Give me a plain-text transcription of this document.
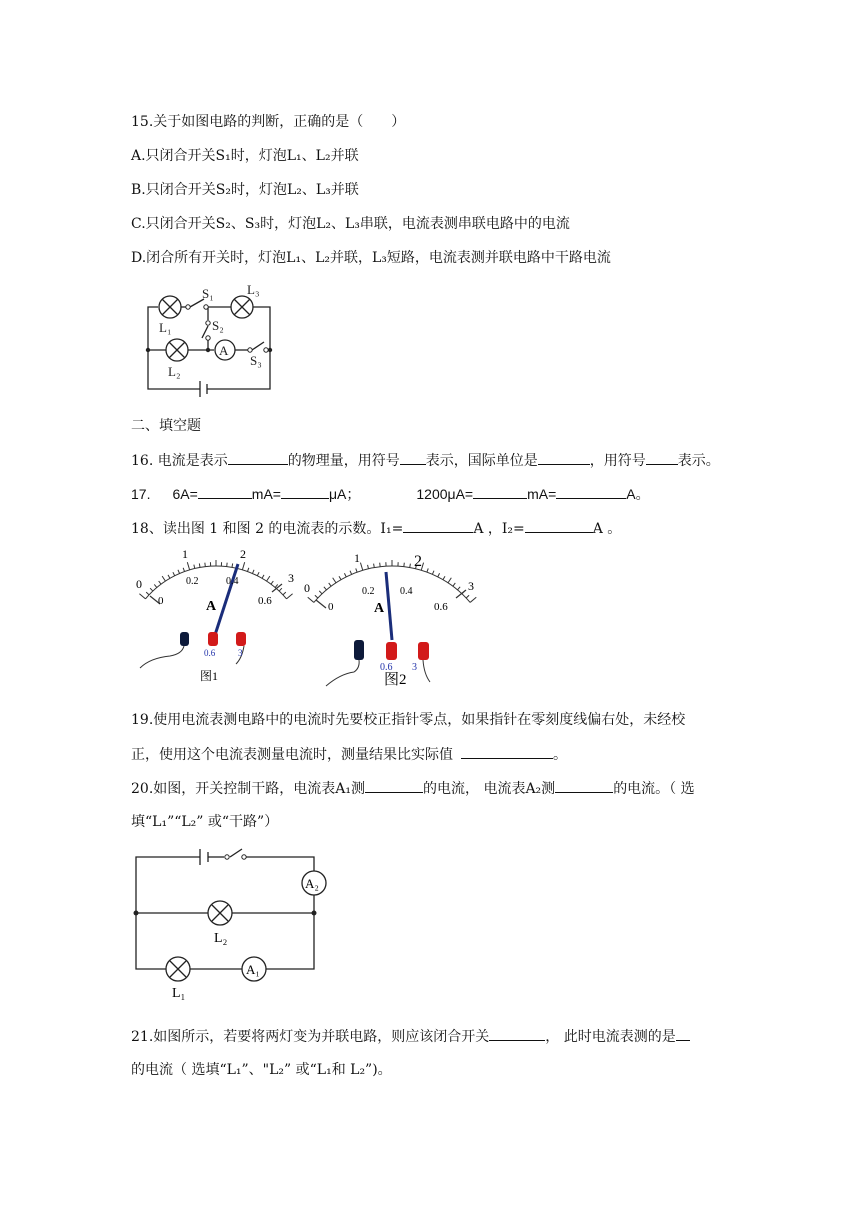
15.关于如图电路的判断，正确的是（　　）
A.只闭合开关S₁时，灯泡L₁、L₂并联
B.只闭合开关S₂时，灯泡L₂、L₃并联
C.只闭合开关S₂、S₃时，灯泡L₂、L₃串联，电流表测串联电路中的电流
D.闭合所有开关时，灯泡L₁、L₂并联，L₃短路，电流表测并联电路中干路电流
A
L₁
L₂
L₃
S₁
S₂
S₃
二、填空题
16. 电流是表示	的物理量，用符号 表示，国际单位是	，用符号 表示。
17. 6A=	mA=	μA；	1200μA=	mA=	A。
18、读出图 1 和图 2 的电流表的示数。I₁=	A ，I₂=	A 。
0
1	2
3
0
0.2	0.4
0.6
A
0.6	3
图1
0
1	2
3
0
0.2	0.4
0.6
A
0.6 3
图2
19.使用电流表测电路中的电流时先要校正指针零点，如果指针在零刻度线偏右处，未经校
正，使用这个电流表测量电流时，测量结果比实际值	。
20.如图，开关控制干路，电流表A₁测	的电流， 电流表A₂测	的电流。（ 选
填“L₁”“L₂” 或“干路”）
A₂
A₁
L₂
L₁
21.如图所示，若要将两灯变为并联电路，则应该闭合开关	， 此时电流表测的是
的电流（ 选填“L₁”、"L₂” 或“L₁和 L₂”)。
